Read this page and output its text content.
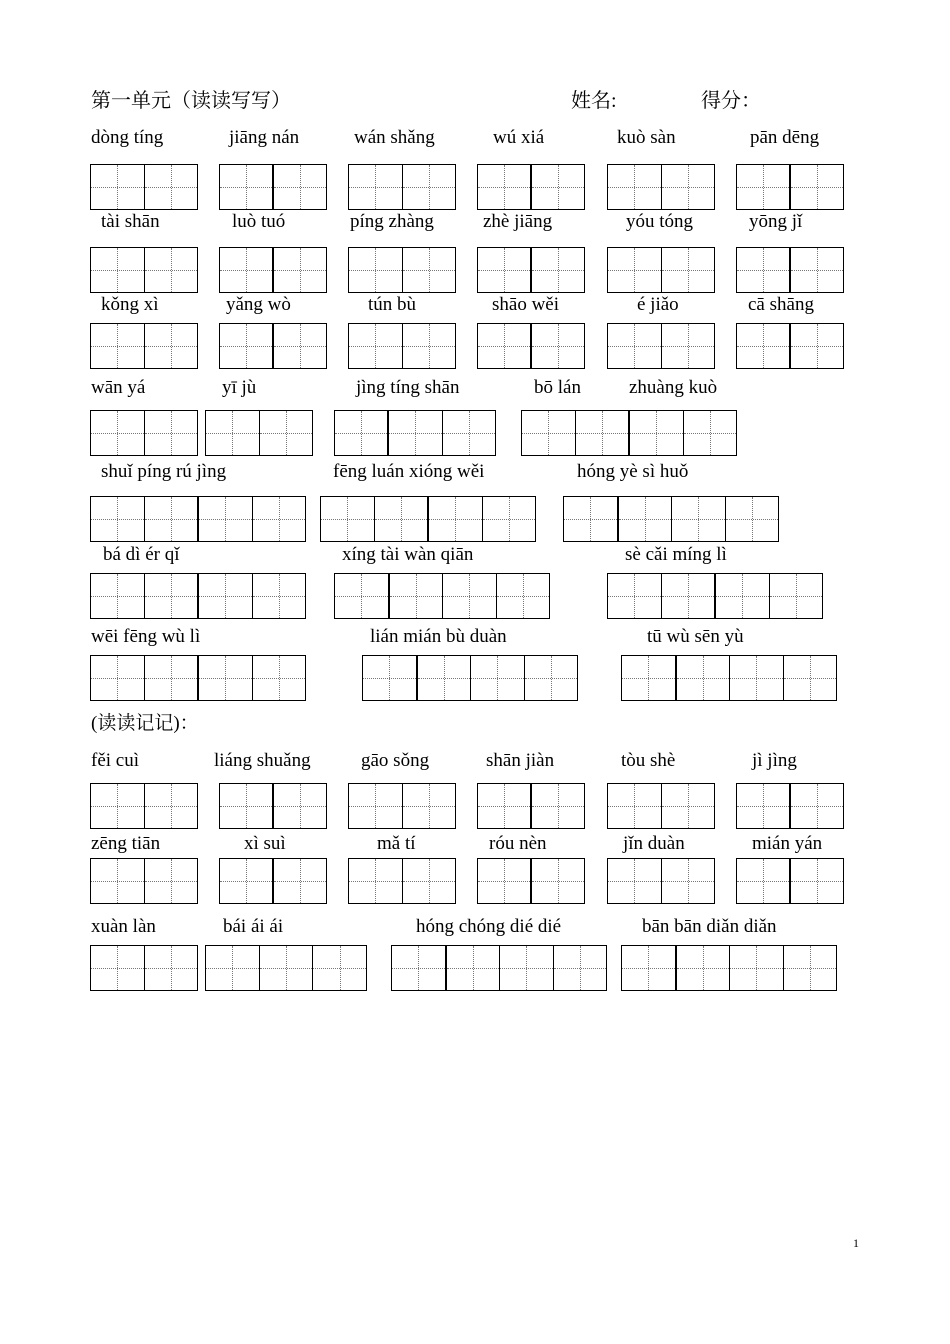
第一单元（读读写写）	姓名:	得分：
dòng tíng	jiāng nán	wán shǎng	wú xiá	kuò sàn	pān dēng
tài shān	luò tuó	píng zhàng	zhè jiāng	yóu tóng	yōng jǐ
kǒng xì	yǎng wò	tún bù	shāo wěi	é jiǎo	cā shāng
wān yá	yī jù	jìng tíng shān	bō lán	zhuàng kuò
shuǐ píng rú jìng	fēng luán xióng wěi	hóng yè sì huǒ
bá dì ér qǐ	xíng tài wàn qiān	sè cǎi míng lì
wēi fēng wù lì	lián mián bù duàn	tū wù sēn yù
(读读记记)：
fěi cuì	liáng shuǎng	gāo sǒng	shān jiàn	tòu shè	jì jìng
zēng tiān	xì suì	mǎ tí	róu nèn	jǐn duàn	mián yán
xuàn làn	bái ái ái	hóng chóng dié dié	bān bān diǎn diǎn
1
